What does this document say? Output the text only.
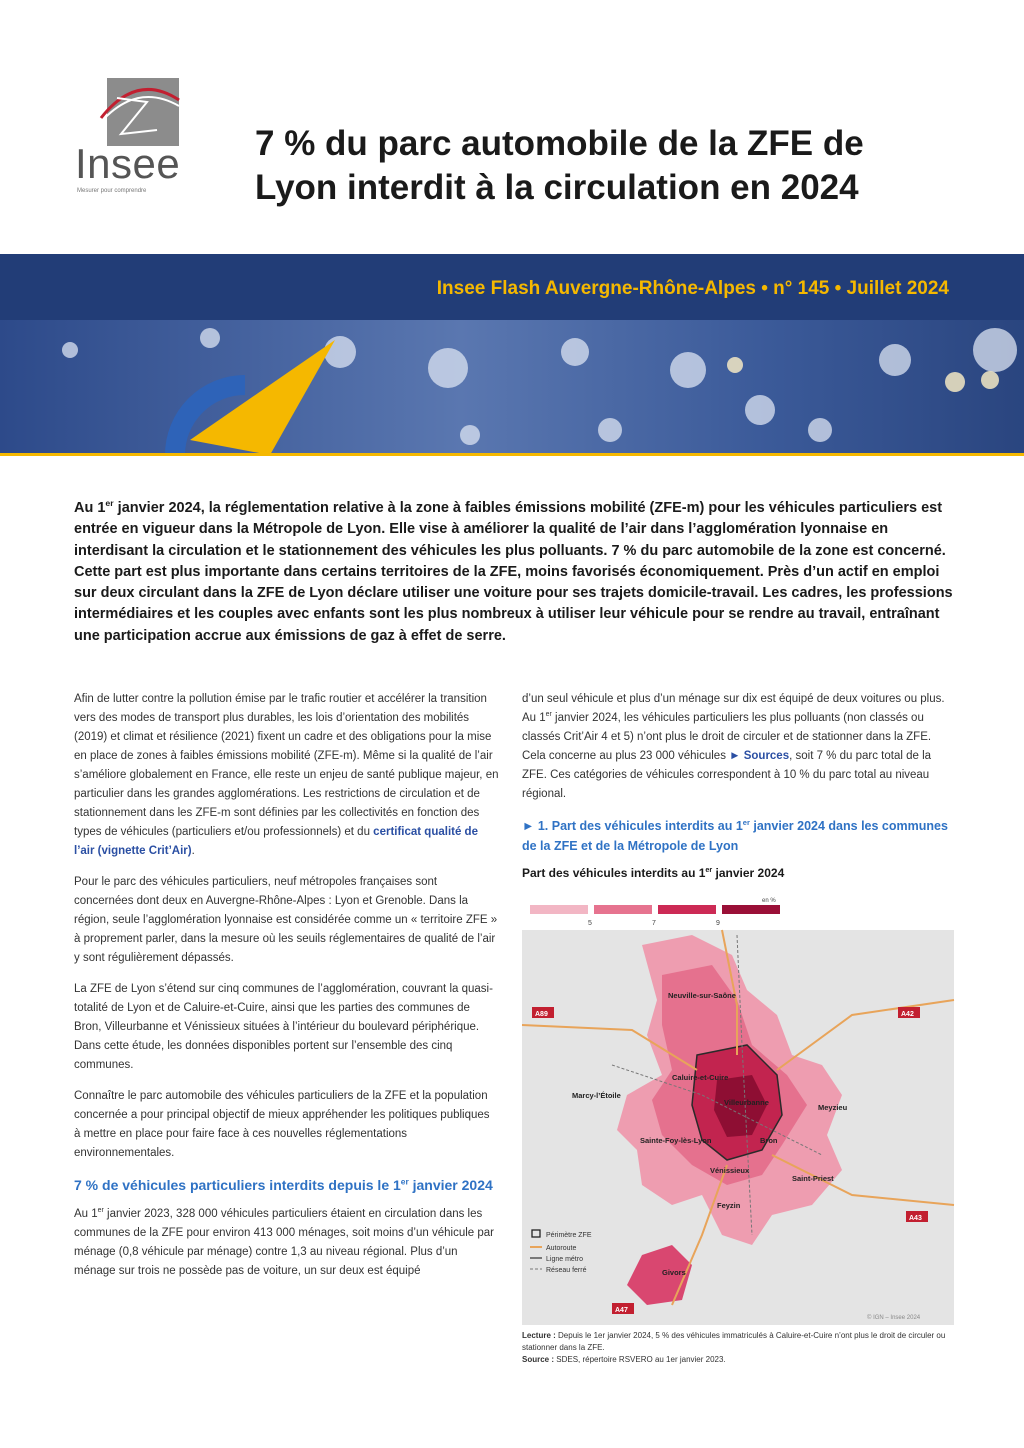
Insee
Mesurer pour comprendre
7 % du parc automobile de la ZFE de Lyon interdit à la circulation en 2024
Insee Flash Auvergne-Rhône-Alpes • n° 145 • Juillet 2024

Au 1er janvier 2024, la réglementation relative à la zone à faibles émissions mobilité (ZFE-m) pour les véhicules particuliers est entrée en vigueur dans la Métropole de Lyon. Elle vise à améliorer la qualité de l’air dans l’agglomération lyonnaise en interdisant la circulation et le stationnement des véhicules les plus polluants. 7 % du parc automobile de la zone est concerné. Cette part est plus importante dans certains territoires de la ZFE, moins favorisés économiquement. Près d’un actif en emploi sur deux circulant dans la ZFE de Lyon déclare utiliser une voiture pour ses trajets domicile-travail. Les cadres, les professions intermédiaires et les couples avec enfants sont les plus nombreux à utiliser leur véhicule pour se rendre au travail, entraînant une participation accrue aux émissions de gaz à effet de serre.

Afin de lutter contre la pollution émise par le trafic routier et accélérer la transition vers des modes de transport plus durables, les lois d’orientation des mobilités (2019) et climat et résilience (2021) fixent un cadre et des obligations pour la mise en place de zones à faibles émissions mobilité (ZFE-m). Même si la qualité de l’air s’améliore globalement en France, elle reste un enjeu de santé publique majeur, en particulier dans les grandes agglomérations. Les restrictions de circulation et de stationnement dans les ZFE-m sont définies par les collectivités en fonction des types de véhicules (particuliers et/ou professionnels) et du certificat qualité de l’air (vignette Crit’Air).

Pour le parc des véhicules particuliers, neuf métropoles françaises sont concernées dont deux en Auvergne-Rhône-Alpes : Lyon et Grenoble. Dans la région, seule l’agglomération lyonnaise est considérée comme un « territoire ZFE » à proprement parler, dans la mesure où les seuils réglementaires de qualité de l’air y sont régulièrement dépassés.

La ZFE de Lyon s’étend sur cinq communes de l’agglomération, couvrant la quasi-totalité de Lyon et de Caluire-et-Cuire, ainsi que les parties des communes de Bron, Villeurbanne et Vénissieux situées à l’intérieur du boulevard périphérique. Dans cette étude, les données disponibles portent sur l’ensemble des cinq communes.

Connaître le parc automobile des véhicules particuliers de la ZFE et la population concernée a pour principal objectif de mieux appréhender les politiques publiques à mettre en place pour faire face à ces nouvelles réglementations environnementales.

7 % de véhicules particuliers interdits depuis le 1er janvier 2024

Au 1er janvier 2023, 328 000 véhicules particuliers étaient en circulation dans les communes de la ZFE pour environ 413 000 ménages, soit moins d’un véhicule par ménage (0,8 véhicule par ménage) contre 1,3 au niveau régional. Plus d’un ménage sur trois ne possède pas de voiture, un sur deux est équipé

d’un seul véhicule et plus d’un ménage sur dix est équipé de deux voitures ou plus.

Au 1er janvier 2024, les véhicules particuliers les plus polluants (non classés ou classés Crit’Air 4 et 5) n’ont plus le droit de circuler et de stationner dans la ZFE. Cela concerne au plus 23 000 véhicules ► Sources, soit 7 % du parc total de la ZFE. Ces catégories de véhicules correspondent à 10 % du parc total au niveau régional.

► 1. Part des véhicules interdits au 1er janvier 2024 dans les communes de la ZFE et de la Métropole de Lyon
Part des véhicules interdits au 1er janvier 2024
en %
5	7	9
A89	A42
A43
A47
Neuville-sur-Saône
Marcy-l’Étoile
Caluire-et-Cuire
Villeurbanne
Meyzieu
Sainte-Foy-lès-Lyon	Bron
Vénissieux
Saint-Priest
Feyzin
Givors
Périmètre ZFE
Autoroute
Ligne métro
Réseau ferré
© IGN – Insee 2024
Lecture : Depuis le 1er janvier 2024, 5 % des véhicules immatriculés à Caluire-et-Cuire n’ont plus le droit de circuler ou stationner dans la ZFE.
Source : SDES, répertoire RSVERO au 1er janvier 2023.
